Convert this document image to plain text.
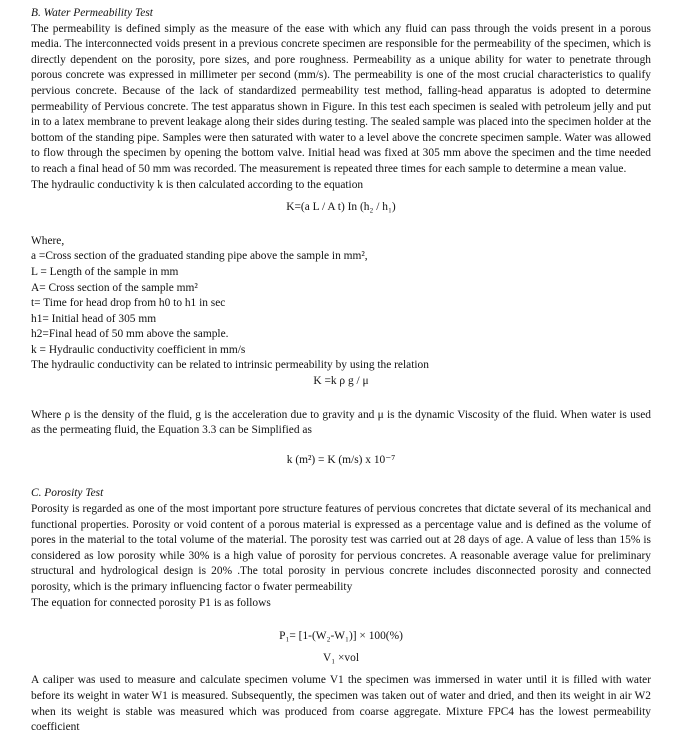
B. Water Permeability Test

The permeability is defined simply as the measure of the ease with which any fluid can pass through the voids present in a porous media. The interconnected voids present in a previous concrete specimen are responsible for the permeability of the specimen, which is directly dependent on the porosity, pore sizes, and pore roughness. Permeability as a unique ability for water to penetrate through porous concrete was expressed in millimeter per second (mm/s). The permeability is one of the most crucial characteristics to qualify pervious concrete. Because of the lack of standardized permeability test method, falling-head apparatus is adopted to determine permeability of Pervious concrete. The test apparatus shown in Figure. In this test each specimen is sealed with petroleum jelly and put in to a latex membrane to prevent leakage along their sides during testing. The sealed sample was placed into the specimen holder at the bottom of the standing pipe. Samples were then saturated with water to a level above the concrete specimen sample. Water was allowed to flow through the specimen by opening the bottom valve. Initial head was fixed at 305 mm above the specimen and the time needed to reach a final head of 50 mm was recorded. The measurement is repeated three times for each sample to determine a mean value.

The hydraulic conductivity k is then calculated according to the equation

K=(a L / A t) In (h₂ / h₁)

Where,

a =Cross section of the graduated standing pipe above the sample in mm²,

L = Length of the sample in mm

A= Cross section of the sample mm²

t= Time for head drop from h0 to h1 in sec

h1= Initial head of 305 mm

h2=Final head of 50 mm above the sample.

k = Hydraulic conductivity coefficient in mm/s

The hydraulic conductivity can be related to intrinsic permeability by using the relation

K =k ρ g / μ

Where ρ is the density of the fluid, g is the acceleration due to gravity and μ is the dynamic Viscosity of the fluid. When water is used as the permeating fluid, the Equation 3.3 can be Simplified as

k (m²) = K (m/s) x 10⁻⁷

C. Porosity Test

Porosity is regarded as one of the most important pore structure features of pervious concretes that dictate several of its mechanical and functional properties. Porosity or void content of a porous material is expressed as a percentage value and is defined as the volume of pores in the material to the total volume of the material. The porosity test was carried out at 28 days of age. A value of less than 15% is considered as low porosity while 30% is a high value of porosity for pervious concretes. A reasonable average value for preliminary structural and hydrological design is 20% .The total porosity in pervious concrete includes disconnected porosity and connected porosity, which is the primary influencing factor o fwater permeability

The equation for connected porosity P1 is as follows

P₁= [1-(W₂-W₁)] × 100(%)
V₁ ×vol

A caliper was used to measure and calculate specimen volume V1 the specimen was immersed in water until it is filled with water before its weight in water W1 is measured. Subsequently, the specimen was taken out of water and dried, and then its weight in air W2 when its weight is stable was measured which was produced from coarse aggregate. Mixture FPC4 has the lowest permeability coefficient
